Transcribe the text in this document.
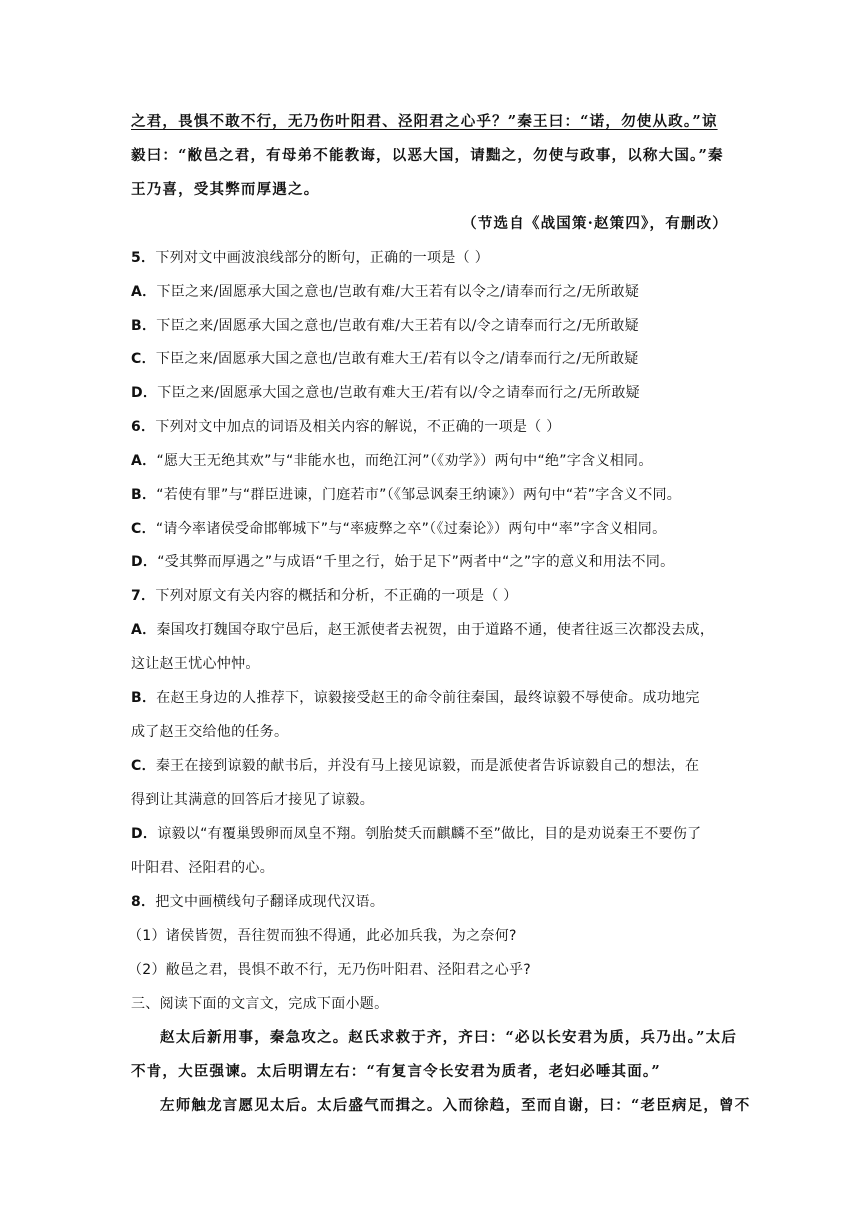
之君，畏惧不敢不行，无乃伤叶阳君、泾阳君之心乎？”秦王曰：“诺，勿使从政。”谅
毅曰：“敝邑之君，有母弟不能教诲，以恶大国，请黜之，勿使与政事，以称大国。”秦
王乃喜，受其弊而厚遇之。
（节选自《战国策·赵策四》，有删改）
5．下列对文中画波浪线部分的断句，正确的一项是（ ）
A．下臣之来/固愿承大国之意也/岂敢有难/大王若有以令之/请奉而行之/无所敢疑
B．下臣之来/固愿承大国之意也/岂敢有难/大王若有以/令之请奉而行之/无所敢疑
C．下臣之来/固愿承大国之意也/岂敢有难大王/若有以令之/请奉而行之/无所敢疑
D．下臣之来/固愿承大国之意也/岂敢有难大王/若有以/令之请奉而行之/无所敢疑
6．下列对文中加点的词语及相关内容的解说，不正确的一项是（ ）
A．“愿大王无绝其欢”与“非能水也，而绝江河”（《劝学》）两句中“绝”字含义相同。
B．“若使有罪”与“群臣进谏，门庭若市”（《邹忌讽秦王纳谏》）两句中“若”字含义不同。
C．“请今率诸侯受命邯郸城下”与“率疲弊之卒”（《过秦论》）两句中“率”字含义相同。
D．“受其弊而厚遇之”与成语“千里之行，始于足下”两者中“之”字的意义和用法不同。
7．下列对原文有关内容的概括和分析，不正确的一项是（ ）
A．秦国攻打魏国夺取宁邑后，赵王派使者去祝贺，由于道路不通，使者往返三次都没去成，
这让赵王忧心忡忡。
B．在赵王身边的人推荐下，谅毅接受赵王的命令前往秦国，最终谅毅不辱使命。成功地完
成了赵王交给他的任务。
C．秦王在接到谅毅的献书后，并没有马上接见谅毅，而是派使者告诉谅毅自己的想法，在
得到让其满意的回答后才接见了谅毅。
D．谅毅以“有覆巢毁卵而凤皇不翔。刳胎焚夭而麒麟不至”做比，目的是劝说秦王不要伤了
叶阳君、泾阳君的心。
8．把文中画横线句子翻译成现代汉语。
（1）诸侯皆贺，吾往贺而独不得通，此必加兵我，为之奈何?
（2）敝邑之君，畏惧不敢不行，无乃伤叶阳君、泾阳君之心乎?
三、阅读下面的文言文，完成下面小题。
赵太后新用事，秦急攻之。赵氏求救于齐，齐曰：“必以长安君为质，兵乃出。”太后
不肯，大臣强谏。太后明谓左右：“有复言令长安君为质者，老妇必唾其面。”
左师触龙言愿见太后。太后盛气而揖之。入而徐趋，至而自谢，曰：“老臣病足，曾不
